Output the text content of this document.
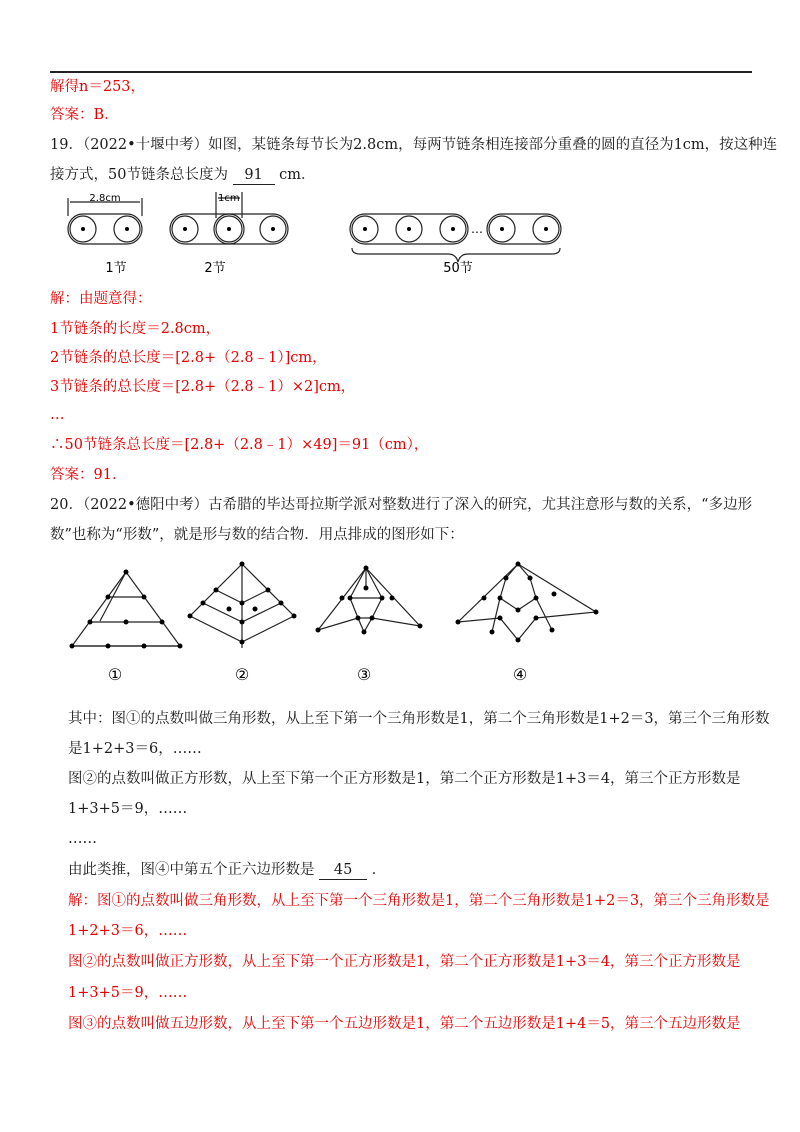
解得n＝253，
答案：B．
19．（2022•十堰中考）如图，某链条每节长为2.8cm，每两节链条相连接部分重叠的圆的直径为1cm，按这种连
接方式，50节链条总长度为 91 cm．
2.8cm	1cm
…
1节	2节	50节
解：由题意得：
1节链条的长度＝2.8cm，
2节链条的总长度＝[2.8+（2.8﹣1）]cm，
3节链条的总长度＝[2.8+（2.8﹣1）×2]cm，
…
∴50节链条总长度＝[2.8+（2.8﹣1）×49]＝91（cm），
答案：91．
20．（2022•德阳中考）古希腊的毕达哥拉斯学派对整数进行了深入的研究，尤其注意形与数的关系，“多边形
数”也称为“形数”，就是形与数的结合物．用点排成的图形如下：
①	②	③	④
其中：图①的点数叫做三角形数，从上至下第一个三角形数是1，第二个三角形数是1+2＝3，第三个三角形数
是1+2+3＝6，……
图②的点数叫做正方形数，从上至下第一个正方形数是1，第二个正方形数是1+3＝4，第三个正方形数是
1+3+5＝9，……
……
由此类推，图④中第五个正六边形数是 45 ．
解：图①的点数叫做三角形数，从上至下第一个三角形数是1，第二个三角形数是1+2＝3，第三个三角形数是
1+2+3＝6，……
图②的点数叫做正方形数，从上至下第一个正方形数是1，第二个正方形数是1+3＝4，第三个正方形数是
1+3+5＝9，……
图③的点数叫做五边形数，从上至下第一个五边形数是1，第二个五边形数是1+4＝5，第三个五边形数是
